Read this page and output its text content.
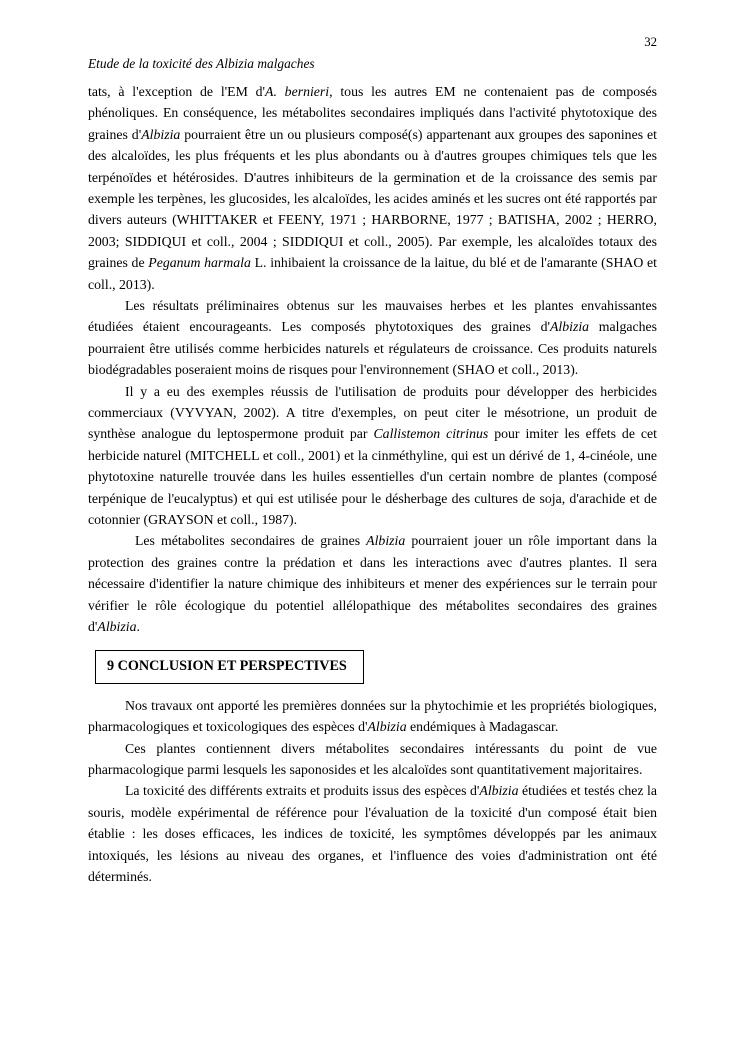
32
Etude de la toxicité des Albizia malgaches

tats, à l'exception de l'EM d'A. bernieri, tous les autres EM ne contenaient pas de composés phénoliques. En conséquence, les métabolites secondaires impliqués dans l'activité phytotoxique des graines d'Albizia pourraient être un ou plusieurs composé(s) appartenant aux groupes des saponines et des alcaloïdes, les plus fréquents et les plus abondants ou à d'autres groupes chimiques tels que les terpénoïdes et hétérosides. D'autres inhibiteurs de la germination et de la croissance des semis par exemple les terpènes, les glucosides, les alcaloïdes, les acides aminés et les sucres ont été rapportés par divers auteurs (WHITTAKER et FEENY, 1971 ; HARBORNE, 1977 ; BATISHA, 2002 ; HERRO, 2003; SIDDIQUI et coll., 2004 ; SIDDIQUI et coll., 2005). Par exemple, les alcaloïdes totaux des graines de Peganum harmala L. inhibaient la croissance de la laitue, du blé et de l'amarante (SHAO et coll., 2013).

Les résultats préliminaires obtenus sur les mauvaises herbes et les plantes envahissantes étudiées étaient encourageants. Les composés phytotoxiques des graines d'Albizia malgaches pourraient être utilisés comme herbicides naturels et régulateurs de croissance. Ces produits naturels biodégradables poseraient moins de risques pour l'environnement (SHAO et coll., 2013).

Il y a eu des exemples réussis de l'utilisation de produits pour développer des herbicides commerciaux (VYVYAN, 2002). A titre d'exemples, on peut citer le mésotrione, un produit de synthèse analogue du leptospermone produit par Callistemon citrinus pour imiter les effets de cet herbicide naturel (MITCHELL et coll., 2001) et la cinméthyline, qui est un dérivé de 1, 4-cinéole, une phytotoxine naturelle trouvée dans les huiles essentielles d'un certain nombre de plantes (composé terpénique de l'eucalyptus) et qui est utilisée pour le désherbage des cultures de soja, d'arachide et de cotonnier (GRAYSON et coll., 1987).

Les métabolites secondaires de graines Albizia pourraient jouer un rôle important dans la protection des graines contre la prédation et dans les interactions avec d'autres plantes. Il sera nécessaire d'identifier la nature chimique des inhibiteurs et mener des expériences sur le terrain pour vérifier le rôle écologique du potentiel allélopathique des métabolites secondaires des graines d'Albizia.

9 CONCLUSION ET PERSPECTIVES

Nos travaux ont apporté les premières données sur la phytochimie et les propriétés biologiques, pharmacologiques et toxicologiques des espèces d'Albizia endémiques à Madagascar.

Ces plantes contiennent divers métabolites secondaires intéressants du point de vue pharmacologique parmi lesquels les saponosides et les alcaloïdes sont quantitativement majoritaires.

La toxicité des différents extraits et produits issus des espèces d'Albizia étudiées et testés chez la souris, modèle expérimental de référence pour l'évaluation de la toxicité d'un composé était bien établie : les doses efficaces, les indices de toxicité, les symptômes développés par les animaux intoxiqués, les lésions au niveau des organes, et l'influence des voies d'administration ont été déterminés.
